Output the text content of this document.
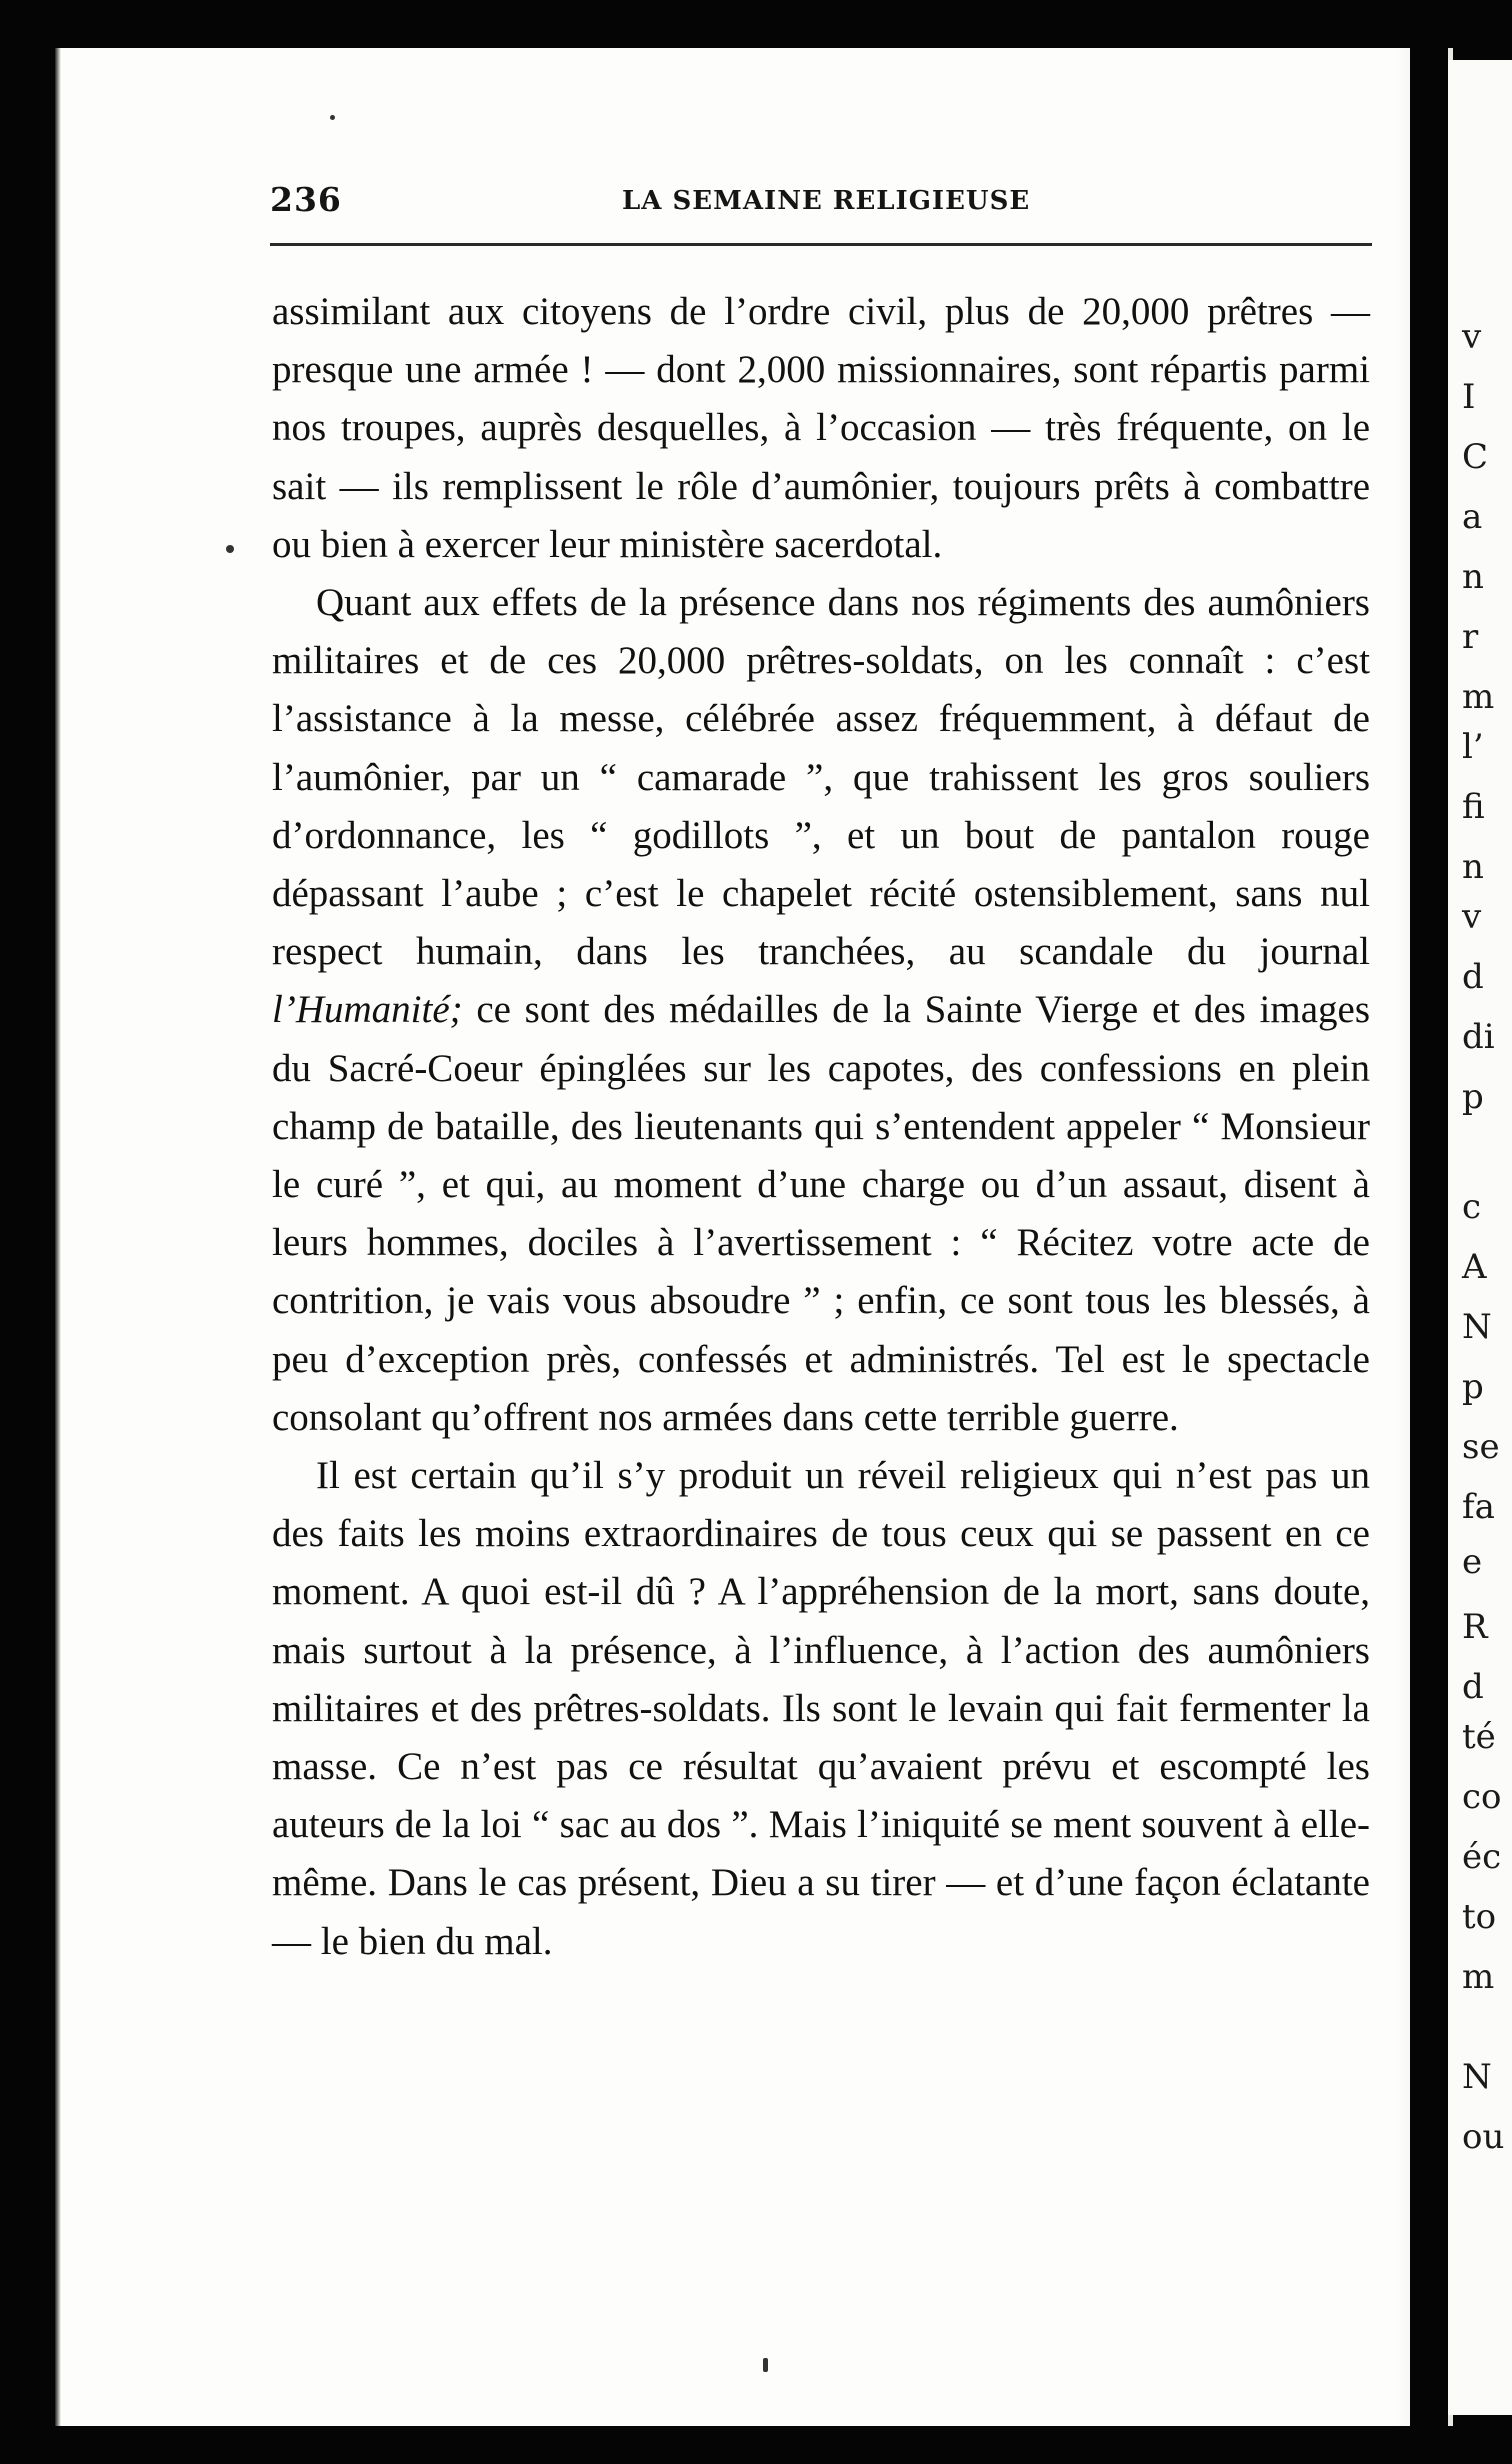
v
I
C
a
n
r
m
l’
fi
n
v
d
di
p
c
A
N
p
se
fa
e
R
d
té
co
éc
to
m
N
ou
236	LA SEMAINE RELIGIEUSE

assimilant aux citoyens de l’ordre civil, plus de 20,000 prêtres — presque une armée ! — dont 2,000 missionnaires, sont répartis parmi nos troupes, auprès desquelles, à l’occasion — très fréquente, on le sait — ils remplissent le rôle d’aumônier, toujours prêts à combattre ou bien à exercer leur ministère sacerdotal.

Quant aux effets de la présence dans nos régiments des aumôniers militaires et de ces 20,000 prêtres-soldats, on les connaît : c’est l’assistance à la messe, célébrée assez fréquemment, à défaut de l’aumônier, par un “ camarade ”, que trahissent les gros souliers d’ordonnance, les “ godillots ”, et un bout de pantalon rouge dépassant l’aube ; c’est le chapelet récité ostensiblement, sans nul respect humain, dans les tranchées, au scandale du journal l’Humanité; ce sont des médailles de la Sainte Vierge et des images du Sacré-Coeur épinglées sur les capotes, des confessions en plein champ de bataille, des lieutenants qui s’entendent appeler “ Monsieur le curé ”, et qui, au moment d’une charge ou d’un assaut, disent à leurs hommes, dociles à l’avertissement : “ Récitez votre acte de contrition, je vais vous absoudre ” ; enfin, ce sont tous les blessés, à peu d’exception près, confessés et administrés. Tel est le spectacle consolant qu’offrent nos armées dans cette terrible guerre.

Il est certain qu’il s’y produit un réveil religieux qui n’est pas un des faits les moins extraordinaires de tous ceux qui se passent en ce moment. A quoi est-il dû ? A l’appréhension de la mort, sans doute, mais surtout à la présence, à l’influence, à l’action des aumôniers militaires et des prêtres-soldats. Ils sont le levain qui fait fermenter la masse. Ce n’est pas ce résultat qu’avaient prévu et escompté les auteurs de la loi “ sac au dos ”. Mais l’iniquité se ment souvent à elle-même. Dans le cas présent, Dieu a su tirer — et d’une façon éclatante — le bien du mal.
